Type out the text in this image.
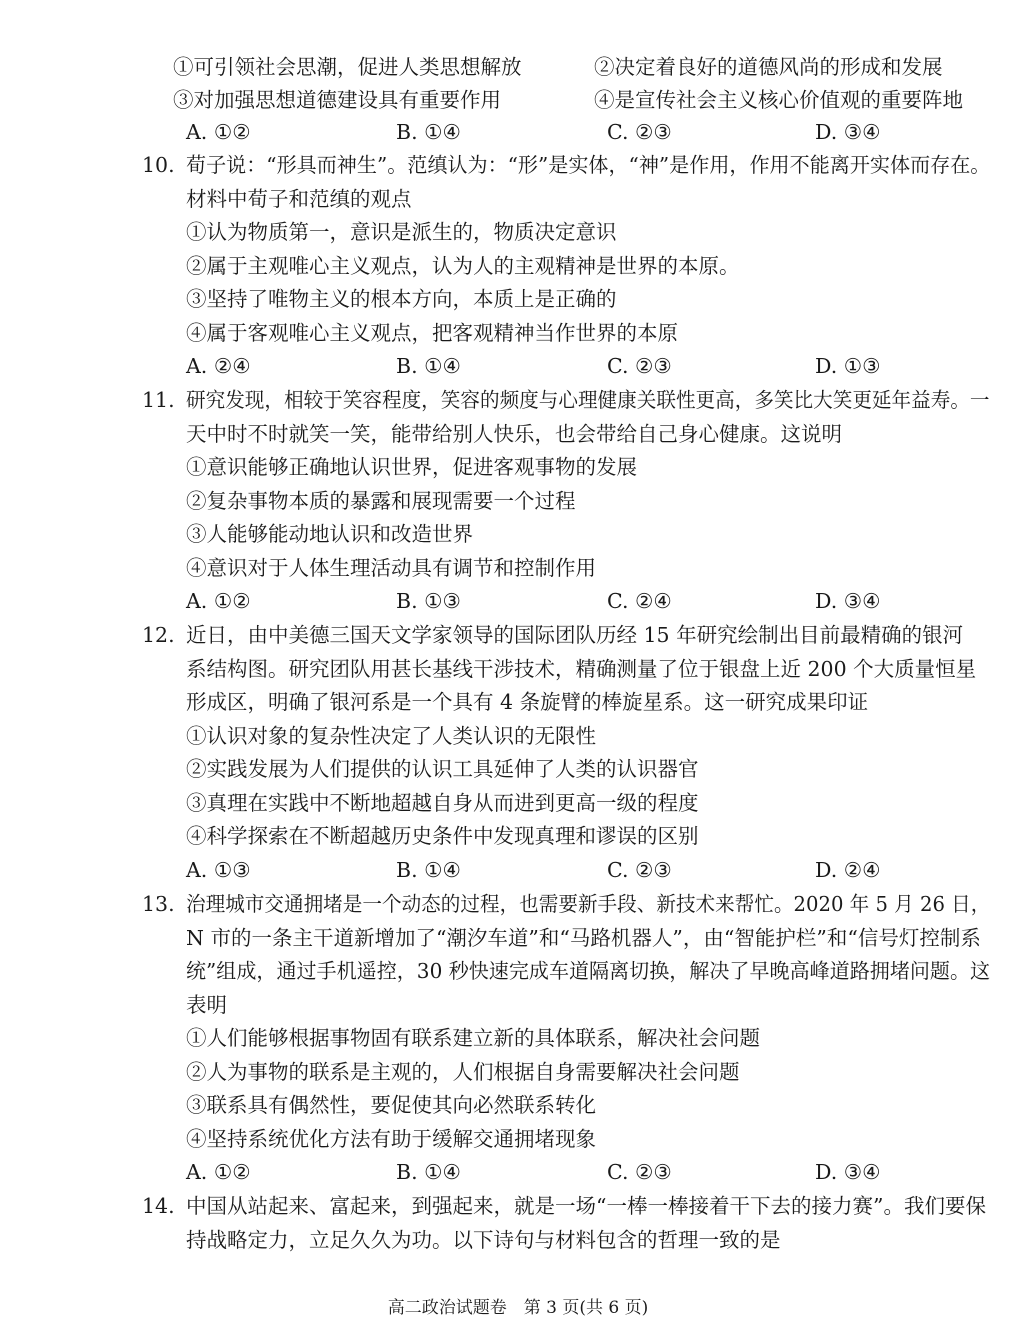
①可引领社会思潮，促进人类思想解放	②决定着良好的道德风尚的形成和发展
③对加强思想道德建设具有重要作用	④是宣传社会主义核心价值观的重要阵地
A. ①②	B. ①④	C. ②③	D. ③④
10. 荀子说：“形具而神生”。范缜认为：“形”是实体，“神”是作用，作用不能离开实体而存在。
材料中荀子和范缜的观点
①认为物质第一，意识是派生的，物质决定意识
②属于主观唯心主义观点，认为人的主观精神是世界的本原。
③坚持了唯物主义的根本方向，本质上是正确的
④属于客观唯心主义观点，把客观精神当作世界的本原
A. ②④	B. ①④	C. ②③	D. ①③
11. 研究发现，相较于笑容程度，笑容的频度与心理健康关联性更高，多笑比大笑更延年益寿。一
天中时不时就笑一笑，能带给别人快乐，也会带给自己身心健康。这说明
①意识能够正确地认识世界，促进客观事物的发展
②复杂事物本质的暴露和展现需要一个过程
③人能够能动地认识和改造世界
④意识对于人体生理活动具有调节和控制作用
A. ①②	B. ①③	C. ②④	D. ③④
12. 近日，由中美德三国天文学家领导的国际团队历经 15 年研究绘制出目前最精确的银河
系结构图。研究团队用甚长基线干涉技术，精确测量了位于银盘上近 200 个大质量恒星
形成区，明确了银河系是一个具有 4 条旋臂的棒旋星系。这一研究成果印证
①认识对象的复杂性决定了人类认识的无限性
②实践发展为人们提供的认识工具延伸了人类的认识器官
③真理在实践中不断地超越自身从而进到更高一级的程度
④科学探索在不断超越历史条件中发现真理和谬误的区别
A. ①③	B. ①④	C. ②③	D. ②④
13. 治理城市交通拥堵是一个动态的过程，也需要新手段、新技术来帮忙。2020 年 5 月 26 日，
N 市的一条主干道新增加了“潮汐车道”和“马路机器人”，由“智能护栏”和“信号灯控制系
统”组成，通过手机遥控，30 秒快速完成车道隔离切换，解决了早晚高峰道路拥堵问题。这
表明
①人们能够根据事物固有联系建立新的具体联系，解决社会问题
②人为事物的联系是主观的，人们根据自身需要解决社会问题
③联系具有偶然性，要促使其向必然联系转化
④坚持系统优化方法有助于缓解交通拥堵现象
A. ①②	B. ①④	C. ②③	D. ③④
14. 中国从站起来、富起来，到强起来，就是一场“一棒一棒接着干下去的接力赛”。我们要保
持战略定力，立足久久为功。以下诗句与材料包含的哲理一致的是
高二政治试题卷　第 3 页(共 6 页)
